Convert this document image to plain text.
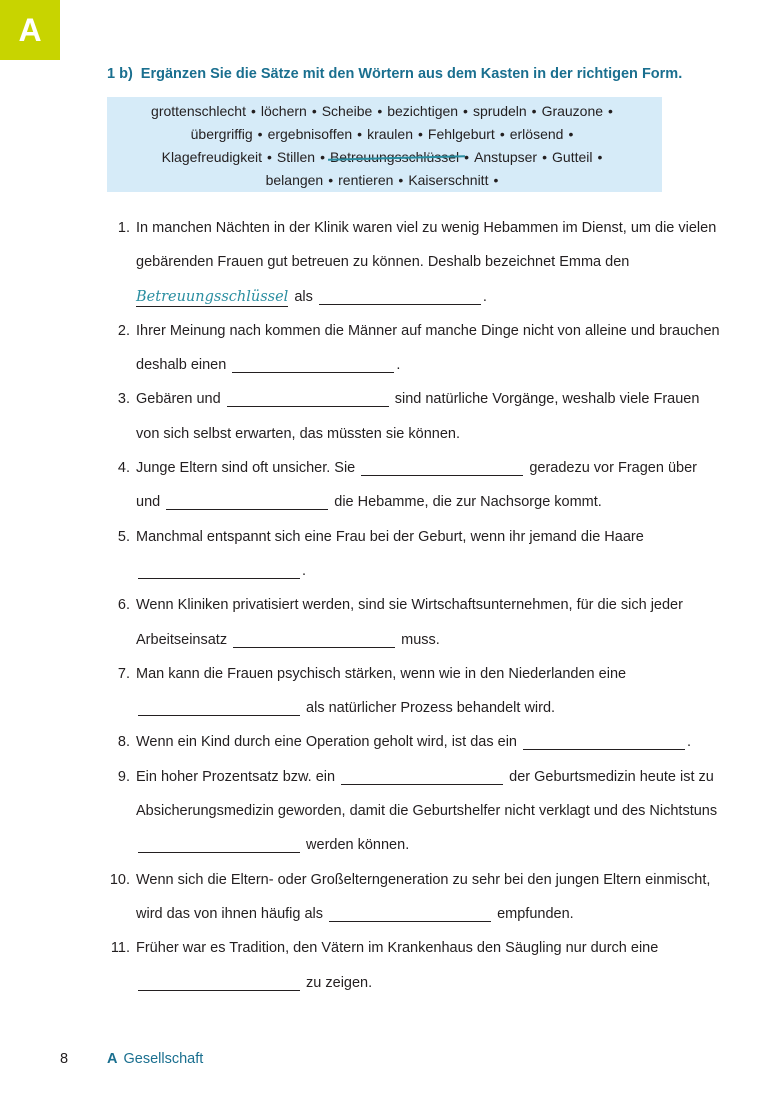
A
1 b) Ergänzen Sie die Sätze mit den Wörtern aus dem Kasten in der richtigen Form.
grottenschlecht • löchern • Scheibe • bezichtigen • sprudeln • Grauzone •
übergriffig • ergebnisoffen • kraulen • Fehlgeburt • erlösend •
Klagefreudigkeit • Stillen • Betreuungsschlüssel • Anstupser • Gutteil •
belangen • rentieren • Kaiserschnitt •
1. In manchen Nächten in der Klinik waren viel zu wenig Hebammen im Dienst, um die vielen gebärenden Frauen gut betreuen zu können. Deshalb bezeichnet Emma den Betreuungsschlüssel als	.
2. Ihrer Meinung nach kommen die Männer auf manche Dinge nicht von alleine und brauchen deshalb einen	.
3. Gebären und	sind natürliche Vorgänge, weshalb viele Frauen von sich selbst erwarten, das müssten sie können.
4. Junge Eltern sind oft unsicher. Sie	geradezu vor Fragen über und	die Hebamme, die zur Nachsorge kommt.
5. Manchmal entspannt sich eine Frau bei der Geburt, wenn ihr jemand die Haare .
6. Wenn Kliniken privatisiert werden, sind sie Wirtschaftsunternehmen, für die sich jeder Arbeitseinsatz	muss.
7. Man kann die Frauen psychisch stärken, wenn wie in den Niederlanden eine  als natürlicher Prozess behandelt wird.
8. Wenn ein Kind durch eine Operation geholt wird, ist das ein	.
9. Ein hoher Prozentsatz bzw. ein	der Geburtsmedizin heute ist zu Absicherungsmedizin geworden, damit die Geburtshelfer nicht verklagt und des Nichtstuns  werden können.
10. Wenn sich die Eltern- oder Großelterngeneration zu sehr bei den jungen Eltern einmischt, wird das von ihnen häufig als	empfunden.
11. Früher war es Tradition, den Vätern im Krankenhaus den Säugling nur durch eine  zu zeigen.
8	A Gesellschaft
